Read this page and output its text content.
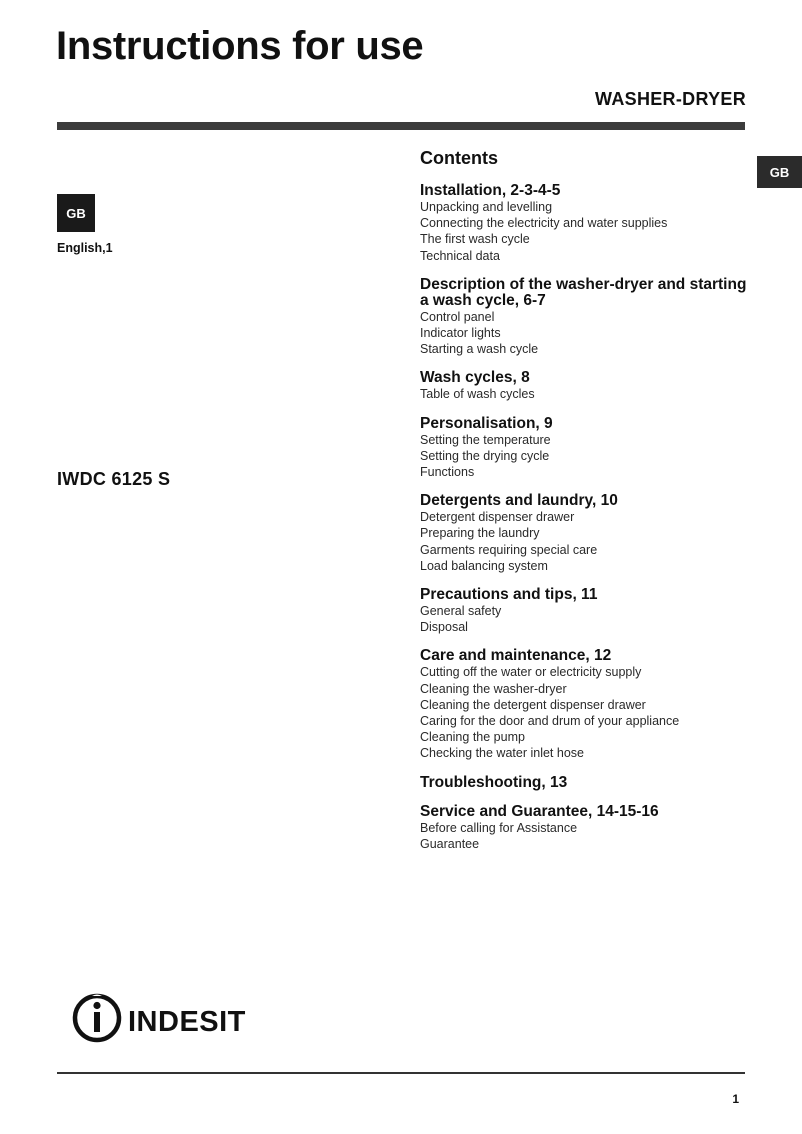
Instructions for use
WASHER-DRYER
GB
GB
English,1
IWDC 6125 S
Contents
Installation, 2-3-4-5
Unpacking and levelling
Connecting the electricity and water supplies
The first wash cycle
Technical data
Description of the washer-dryer and starting a wash cycle, 6-7
Control panel
Indicator lights
Starting a wash cycle
Wash cycles, 8
Table of wash cycles
Personalisation, 9
Setting the temperature
Setting the drying cycle
Functions
Detergents and laundry, 10
Detergent dispenser drawer
Preparing the laundry
Garments requiring special care
Load balancing system
Precautions and tips, 11
General safety
Disposal
Care and maintenance, 12
Cutting off the water or electricity supply
Cleaning the washer-dryer
Cleaning the detergent dispenser drawer
Caring for the door and drum of your appliance
Cleaning the pump
Checking the water inlet hose
Troubleshooting, 13
Service and Guarantee, 14-15-16
Before calling for Assistance
Guarantee
INDESIT
1
